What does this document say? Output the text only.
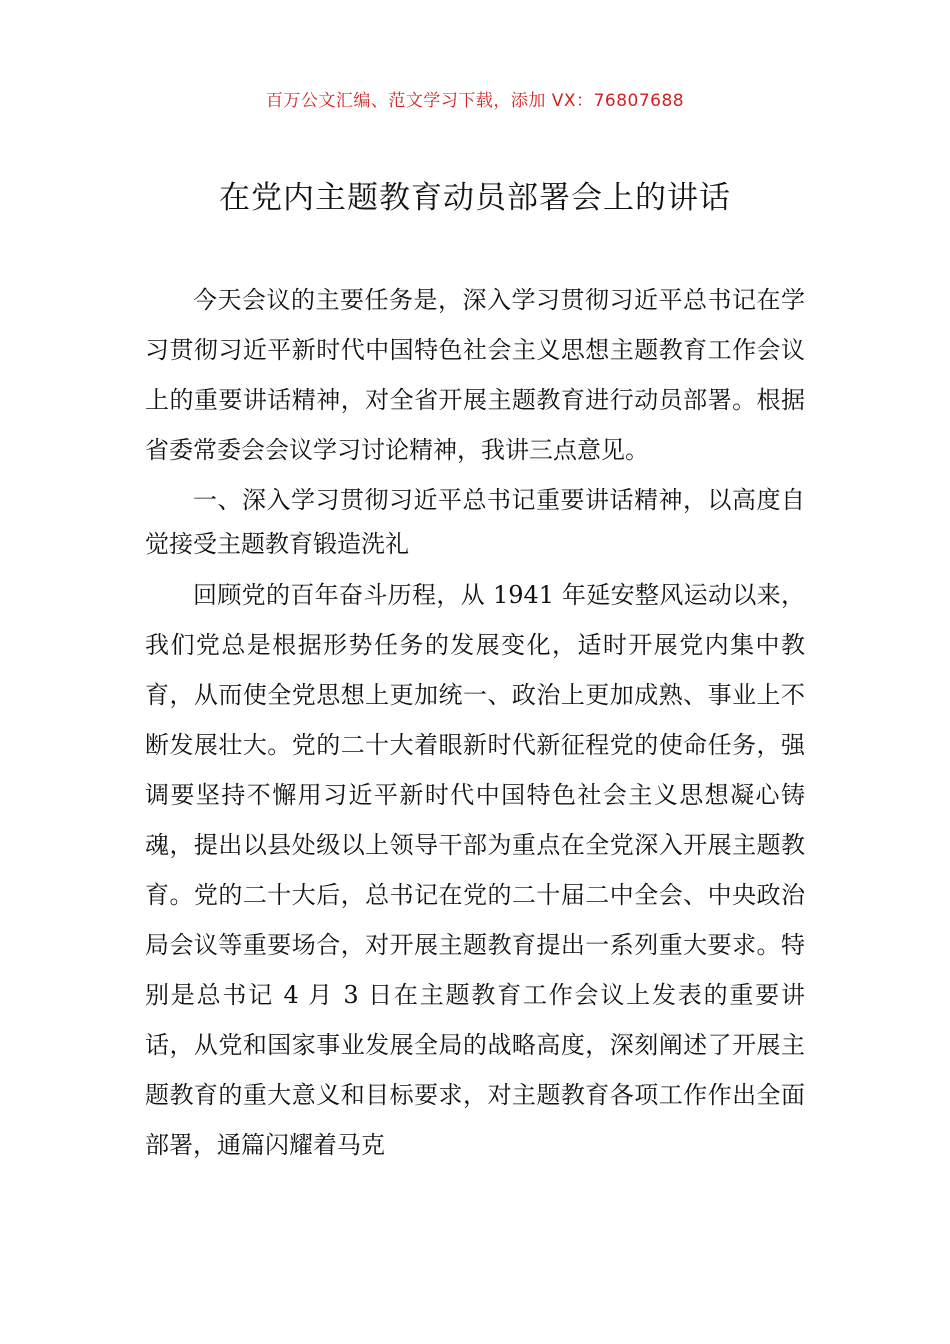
百万公文汇编、范文学习下载，添加 VX：76807688
在党内主题教育动员部署会上的讲话

今天会议的主要任务是，深入学习贯彻习近平总书记在学习贯彻习近平新时代中国特色社会主义思想主题教育工作会议上的重要讲话精神，对全省开展主题教育进行动员部署。根据省委常委会会议学习讨论精神，我讲三点意见。

一、深入学习贯彻习近平总书记重要讲话精神，以高度自觉接受主题教育锻造洗礼

回顾党的百年奋斗历程，从 1941 年延安整风运动以来，我们党总是根据形势任务的发展变化，适时开展党内集中教育，从而使全党思想上更加统一、政治上更加成熟、事业上不断发展壮大。党的二十大着眼新时代新征程党的使命任务，强调要坚持不懈用习近平新时代中国特色社会主义思想凝心铸魂，提出以县处级以上领导干部为重点在全党深入开展主题教育。党的二十大后，总书记在党的二十届二中全会、中央政治局会议等重要场合，对开展主题教育提出一系列重大要求。特别是总书记 4 月 3 日在主题教育工作会议上发表的重要讲话，从党和国家事业发展全局的战略高度，深刻阐述了开展主题教育的重大意义和目标要求，对主题教育各项工作作出全面部署，通篇闪耀着马克
